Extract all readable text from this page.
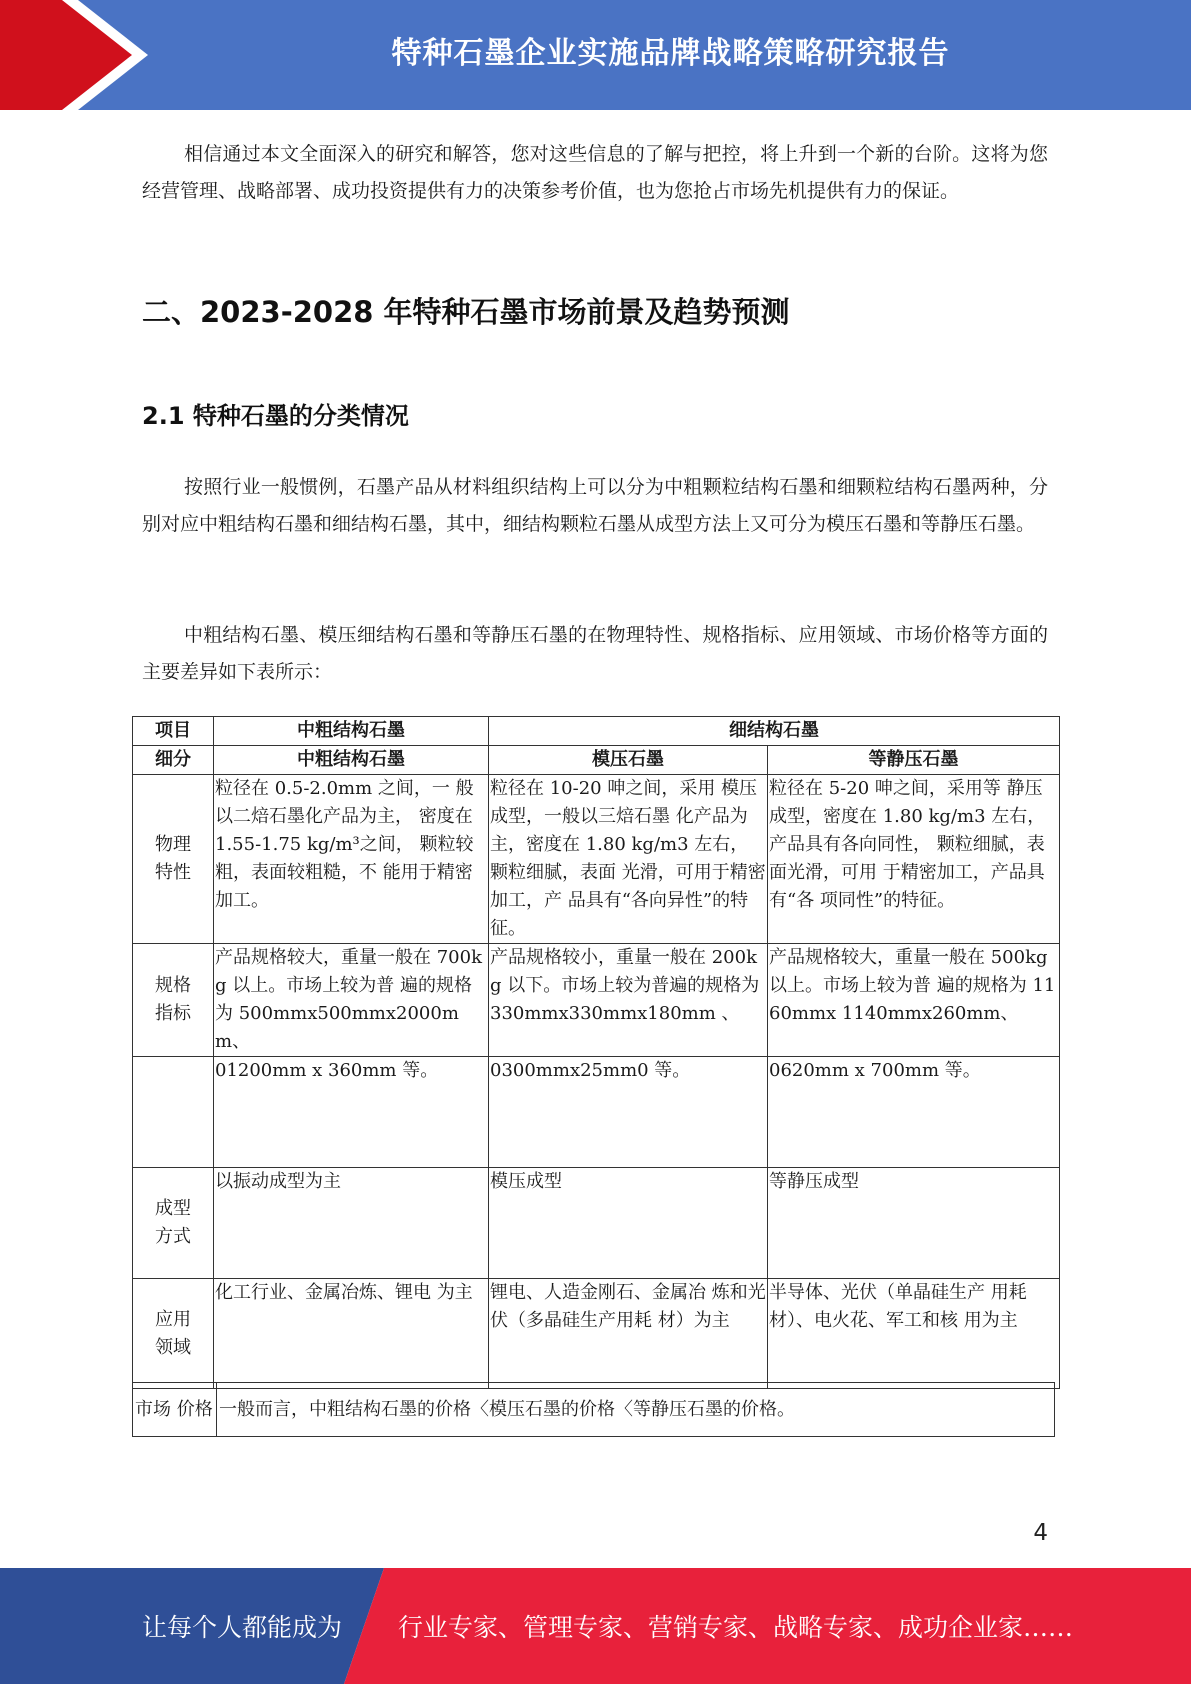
特种石墨企业实施品牌战略策略研究报告

相信通过本文全面深入的研究和解答，您对这些信息的了解与把控，将上升到一个新的台阶。这将为您经营管理、战略部署、成功投资提供有力的决策参考价值，也为您抢占市场先机提供有力的保证。

二、2023-2028 年特种石墨市场前景及趋势预测
2.1 特种石墨的分类情况

按照行业一般惯例，石墨产品从材料组织结构上可以分为中粗颗粒结构石墨和细颗粒结构石墨两种，分别对应中粗结构石墨和细结构石墨，其中，细结构颗粒石墨从成型方法上又可分为模压石墨和等静压石墨。

中粗结构石墨、模压细结构石墨和等静压石墨的在物理特性、规格指标、应用领域、市场价格等方面的主要差异如下表所示：

项目	中粗结构石墨	细结构石墨	
细分	中粗结构石墨	模压石墨	等静压石墨
物理特性	粒径在 0.5-2.0mm 之间，一 般以二焙石墨化产品为主， 密度在 1.55-1.75 kg/m³之间， 颗粒较粗，表面较粗糙，不 能用于精密加工。	粒径在 10-20 呻之间，采用 模压成型，一般以三焙石墨 化产品为主，密度在 1.80 kg/m3 左右，颗粒细腻，表面 光滑，可用于精密加工，产 品具有“各向异性”的特征。	粒径在 5-20 呻之间，采用等 静压成型，密度在 1.80 kg/m3 左右，产品具有各向同性， 颗粒细腻，表面光滑，可用 于精密加工，产品具有“各 项同性”的特征。
规格指标	产品规格较大，重量一般在 700kg 以上。市场上较为普 遍的规格为 500mmx500mmx2000mm、	产品规格较小，重量一般在 200kg 以下。市场上较为普遍的规格为 330mmx330mmx180mm 、	产品规格较大，重量一般在 500kg 以上。市场上较为普 遍的规格为 1160mmx 1140mmx260mm、
	01200mm x 360mm 等。	0300mmx25mm0 等。	0620mm x 700mm 等。
成型方式	以振动成型为主	模压成型	等静压成型
应用领域	化工行业、金属冶炼、锂电 为主	锂电、人造金刚石、金属冶 炼和光伏（多晶硅生产用耗 材）为主	半导体、光伏（单晶硅生产 用耗材）、电火花、军工和核 用为主
市场 价格	一般而言，中粗结构石墨的价格〈模压石墨的价格〈等静压石墨的价格。
4
让每个人都能成为 行业专家、管理专家、营销专家、战略专家、成功企业家……
